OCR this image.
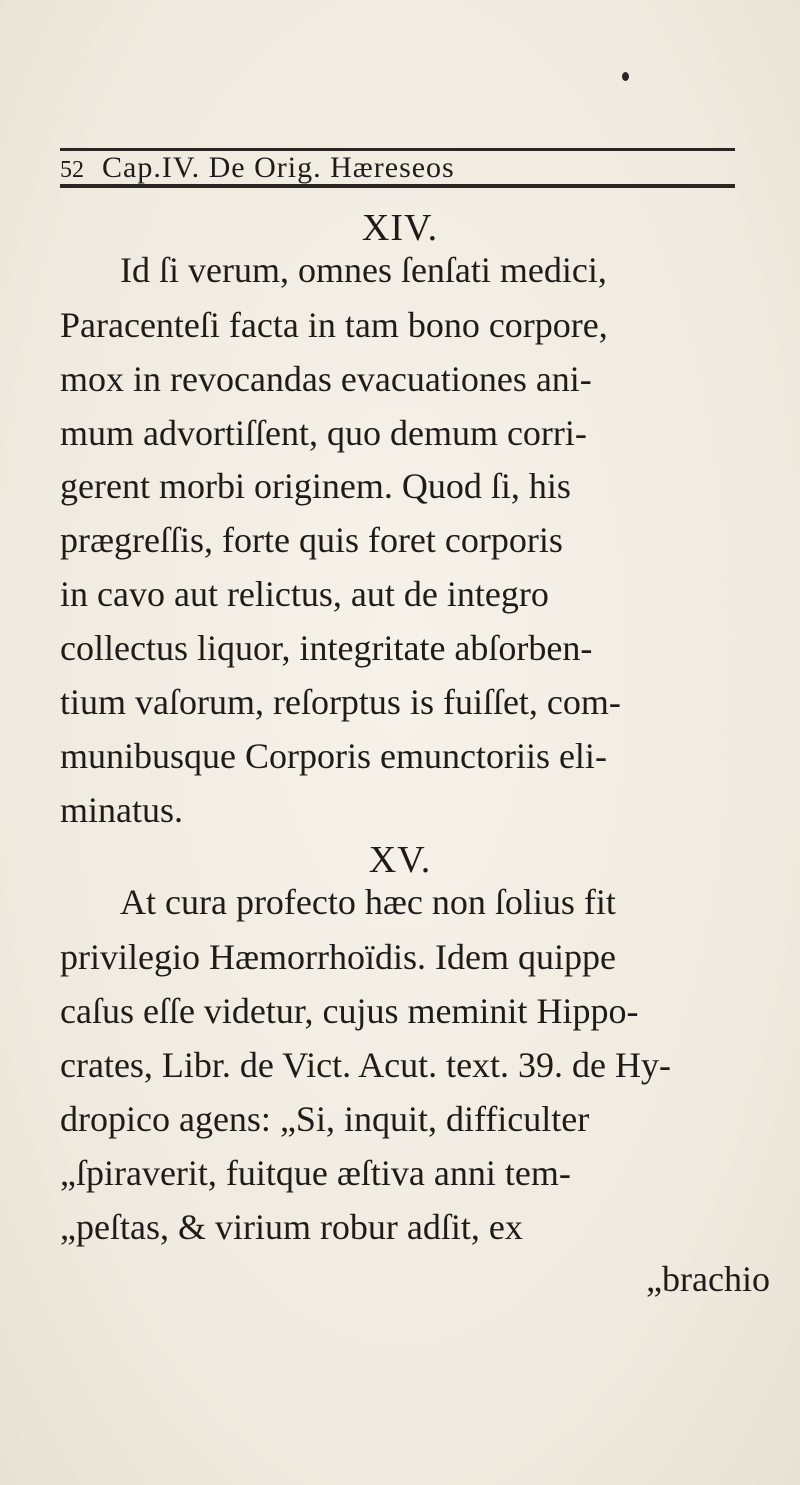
52 Cap.IV. De Orig. Hæreseos
XIV.
Id ſi verum, omnes ſenſati medici,
Paracenteſi facta in tam bono corpore,
mox in revocandas evacuationes ani-
mum advortiſſent, quo demum corri-
gerent morbi originem. Quod ſi, his
prægreſſis, forte quis foret corporis
in cavo aut relictus, aut de integro
collectus liquor, integritate abſorben-
tium vaſorum, reſorptus is fuiſſet, com-
munibusque Corporis emunctoriis eli-
minatus.
XV.
At cura profecto hæc non ſolius fit
privilegio Hæmorrhoïdis. Idem quippe
caſus eſſe videtur, cujus meminit Hippo-
crates, Libr. de Vict. Acut. text. 39. de Hy-
dropico agens: „Si, inquit, difficulter
„ſpiraverit, fuitque æſtiva anni tem-
„peſtas, & virium robur adſit, ex
„brachio
